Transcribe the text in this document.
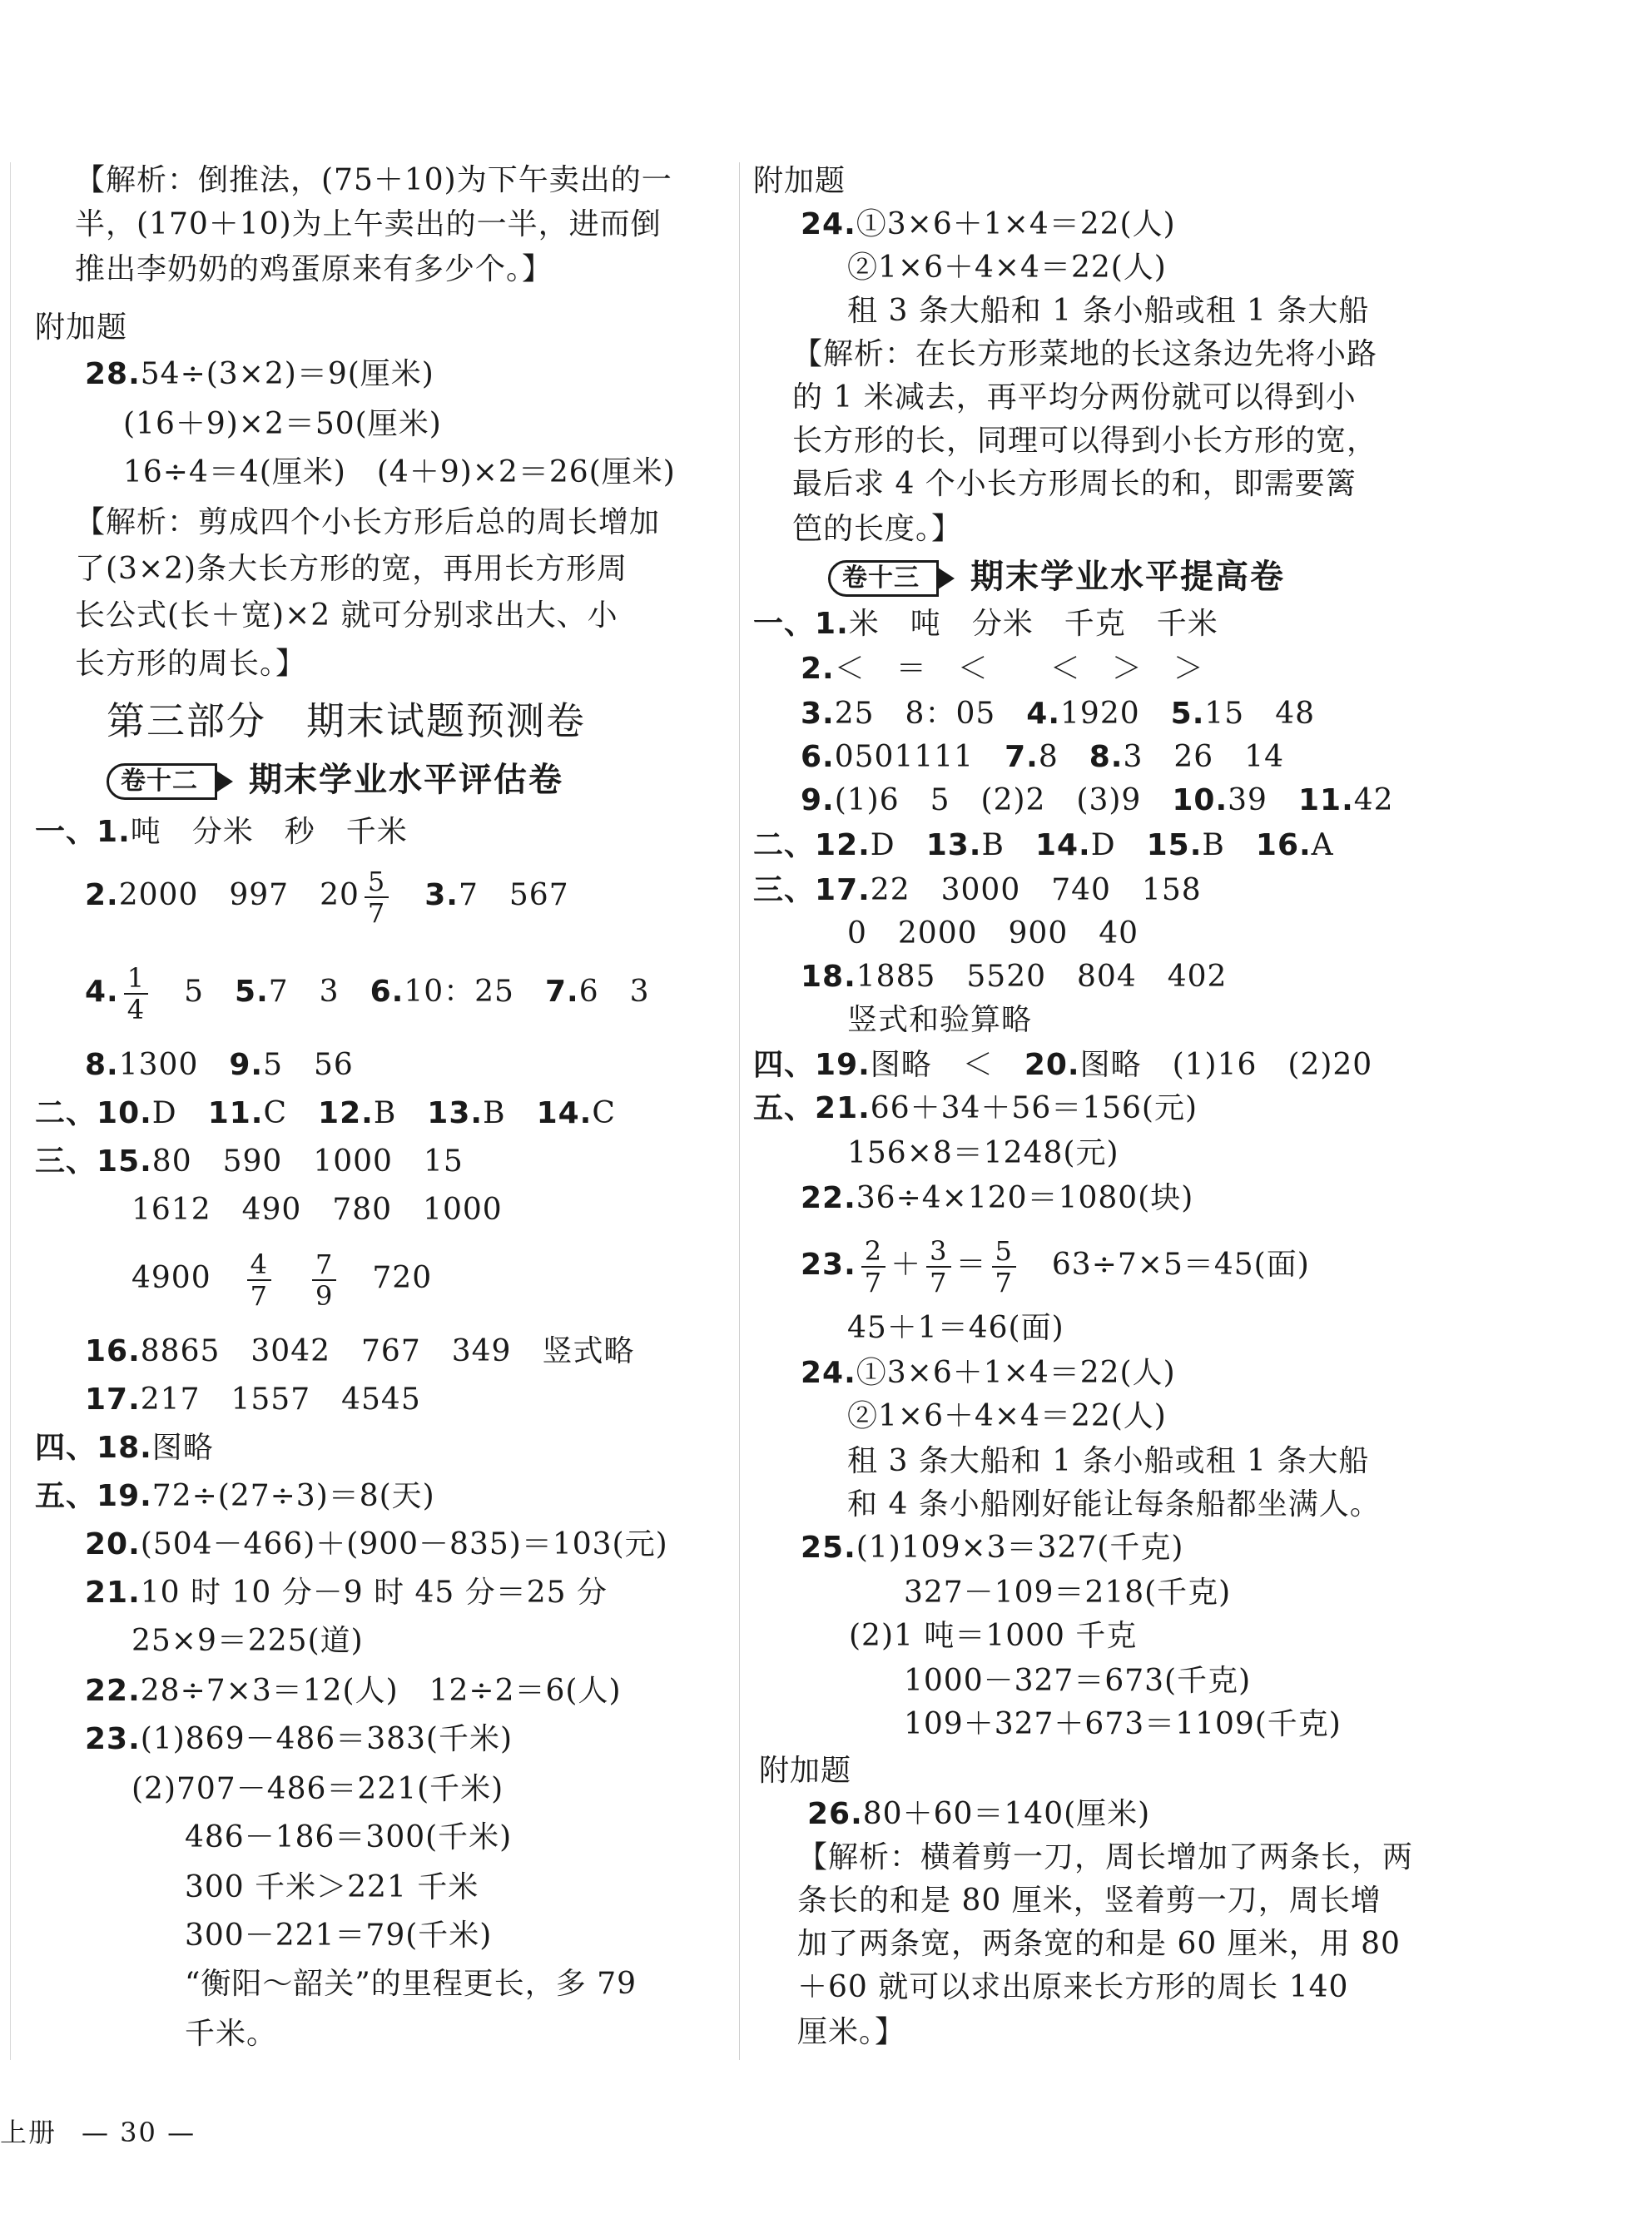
【解析：倒推法，(75＋10)为下午卖出的一
半，(170＋10)为上午卖出的一半，进而倒
推出李奶奶的鸡蛋原来有多少个。】
附加题
28.54÷(3×2)＝9(厘米)
(16＋9)×2＝50(厘米)
16÷4＝4(厘米)　(4＋9)×2＝26(厘米)
【解析：剪成四个小长方形后总的周长增加
了(3×2)条大长方形的宽，再用长方形周
长公式(长＋宽)×2 就可分别求出大、小
长方形的周长。】
第三部分　期末试题预测卷
卷十二 期末学业水平评估卷
一、1.吨　分米　秒　千米
2.2000　997　$20 \frac{5}{7}$
　 3.7　567
4. $\frac{1}{4}$
　 5　 5.7　3　 6.10：25　 7.6　3
8.1300　 9.5　56
二、10.D　 11.C　 12.B　 13.B　 14.C
三、15.80　590　1000　15
1612　490　780　1000
4900　 $\frac{4}{7}$
　 $\frac{7}{9}$
　 720
16.8865　3042　767　349　竖式略
17.217　1557　4545
四、18.图略
五、19.72÷(27÷3)＝8(天)
20.(504－466)＋(900－835)＝103(元)
21.10 时 10 分－9 时 45 分＝25 分
25×9＝225(道)
22.28÷7×3＝12(人)　12÷2＝6(人)
23.(1)869－486＝383(千米)
(2)707－486＝221(千米)
486－186＝300(千米)
300 千米＞221 千米
300－221＝79(千米)
“衡阳～韶关”的里程更长，多 79
千米。
附加题
24.①3×6＋1×4＝22(人)
②1×6＋4×4＝22(人)
租 3 条大船和 1 条小船或租 1 条大船
【解析：在长方形菜地的长这条边先将小路
的 1 米减去，再平均分两份就可以得到小
长方形的长，同理可以得到小长方形的宽，
最后求 4 个小长方形周长的和，即需要篱
笆的长度。】
卷十三 期末学业水平提高卷
一、1.米　吨　分米　千克　千米
2.＜　＝　＜　　＜　＞　＞
3.25　8：05　 4.1920　 5.15　48
6.0501111　 7.8　 8.3　26　14
9.(1)6　5　(2)2　(3)9　 10.39　 11.42
二、12.D　 13.B　 14.D　 15.B　 16.A
三、17.22　3000　740　158
0　2000　900　40
18.1885　5520　804　402
竖式和验算略
四、19.图略　＜　 20.图略　(1)16　(2)20
五、21.66＋34＋56＝156(元)
156×8＝1248(元)
22.36÷4×120＝1080(块)
23. $\frac{2}{7} + \frac{3}{7} = \frac{5}{7}$
　 63÷7×5＝45(面)
45＋1＝46(面)
24.①3×6＋1×4＝22(人)
②1×6＋4×4＝22(人)
租 3 条大船和 1 条小船或租 1 条大船
和 4 条小船刚好能让每条船都坐满人。
25.(1)109×3＝327(千克)
327－109＝218(千克)
(2)1 吨＝1000 千克
1000－327＝673(千克)
109＋327＋673＝1109(千克)
附加题
26.80＋60＝140(厘米)
【解析：横着剪一刀，周长增加了两条长，两
条长的和是 80 厘米，竖着剪一刀，周长增
加了两条宽，两条宽的和是 60 厘米，用 80
＋60 就可以求出原来长方形的周长 140
厘米。】
上册 — 30 —
